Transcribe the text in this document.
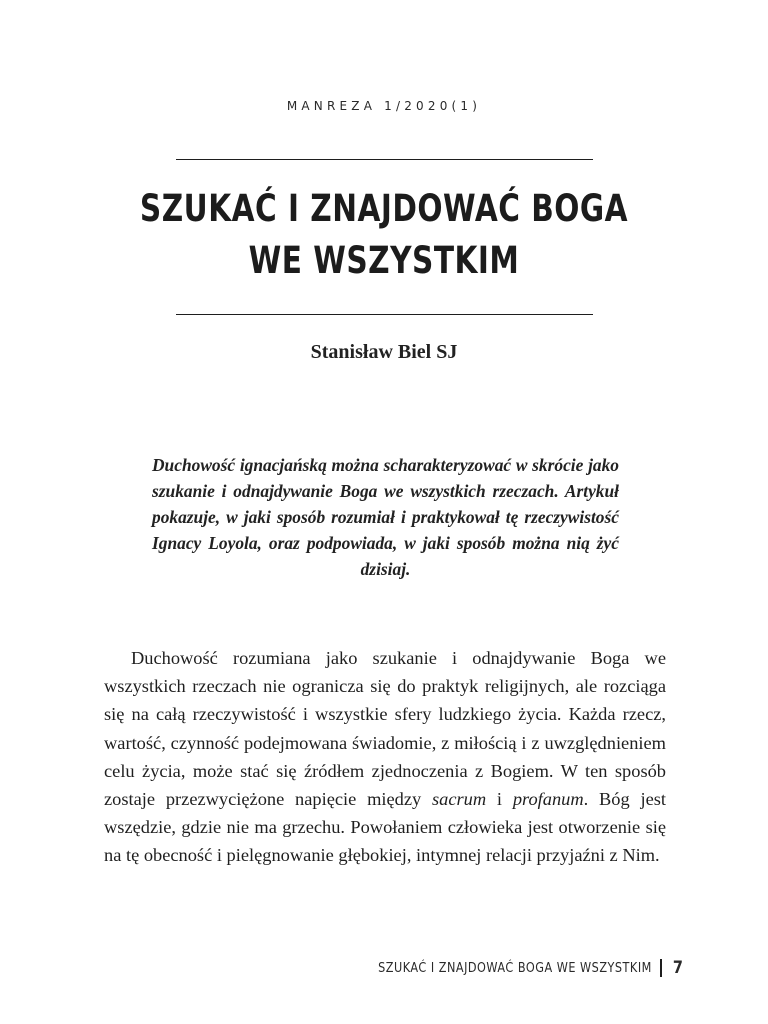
MANREZA 1/2020(1)
SZUKAĆ I ZNAJDOWAĆ BOGA
WE WSZYSTKIM

Stanisław Biel SJ

Duchowość ignacjańską można scharakteryzować w skrócie jako szukanie i odnajdywanie Boga we wszystkich rzeczach. Artykuł pokazuje, w jaki sposób rozumiał i praktykował tę rzeczywistość Ignacy Loyola, oraz podpowiada, w jaki sposób można nią żyć dzisiaj.

Duchowość rozumiana jako szukanie i odnajdywanie Boga we wszystkich rzeczach nie ogranicza się do praktyk religijnych, ale rozciąga się na całą rzeczywistość i wszystkie sfery ludzkiego życia. Każda rzecz, wartość, czynność podejmowana świadomie, z miłością i z uwzględnieniem celu życia, może stać się źródłem zjednoczenia z Bogiem. W ten sposób zostaje przezwyciężone napięcie między sacrum i profanum. Bóg jest wszędzie, gdzie nie ma grzechu. Powołaniem człowieka jest otworzenie się na tę obecność i pielęgnowanie głębokiej, intymnej relacji przyjaźni z Nim.

SZUKAĆ I ZNAJDOWAĆ BOGA WE WSZYSTKIM 7
